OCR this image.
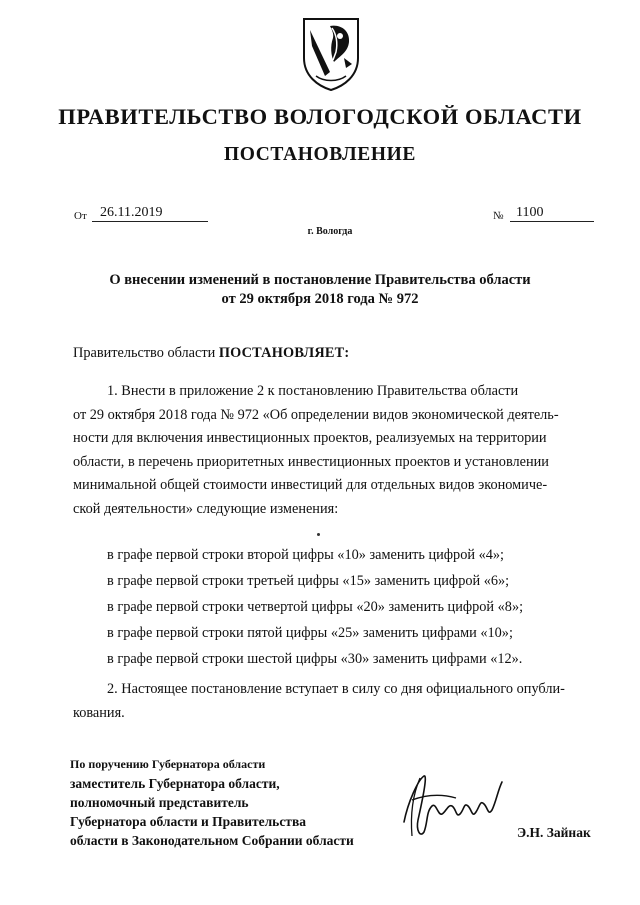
ПРАВИТЕЛЬСТВО ВОЛОГОДСКОЙ ОБЛАСТИ
ПОСТАНОВЛЕНИЕ
От 26.11.2019	№ 1100
г. Вологда
О внесении изменений в постановление Правительства области
от 29 октября 2018 года № 972
Правительство области ПОСТАНОВЛЯЕТ:
1. Внести в приложение 2 к постановлению Правительства области
от 29 октября 2018 года № 972 «Об определении видов экономической деятель-
ности для включения инвестиционных проектов, реализуемых на территории
области, в перечень приоритетных инвестиционных проектов и установлении
минимальной общей стоимости инвестиций для отдельных видов экономиче-
ской деятельности» следующие изменения:
в графе первой строки второй цифры «10» заменить цифрой «4»;
в графе первой строки третьей цифры «15» заменить цифрой «6»;
в графе первой строки четвертой цифры «20» заменить цифрой «8»;
в графе первой строки пятой цифры «25» заменить цифрами «10»;
в графе первой строки шестой цифры «30» заменить цифрами «12».
2. Настоящее постановление вступает в силу со дня официального опубли-
кования.
По поручению Губернатора области
заместитель Губернатора области,
полномочный представитель
Губернатора области и Правительства
области в Законодательном Собрании области
Э.Н. Зайнак
